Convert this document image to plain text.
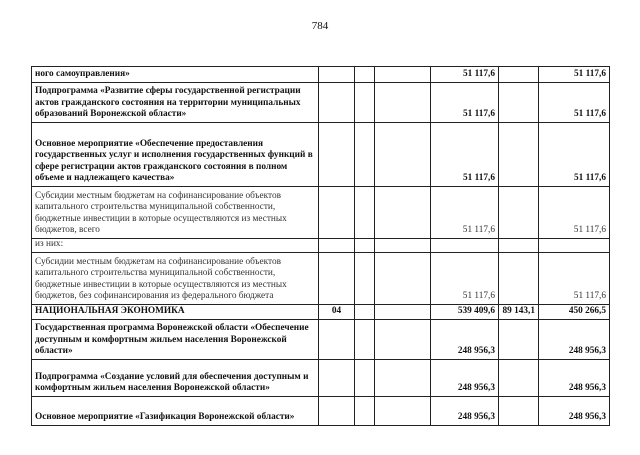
784
ного самоуправления»				51 117,6		51 117,6
Подпрограмма «Развитие сферы государственной регистрации актов гражданского состояния на территории муниципальных образований Воронежской области»				51 117,6		51 117,6
Основное мероприятие «Обеспечение предоставления государственных услуг и исполнения государственных функций в сфере регистрации актов гражданского состояния в полном объеме и надлежащего качества»				51 117,6		51 117,6
Субсидии местным бюджетам на софинансирование объектов капитального строительства муниципальной собственности, бюджетные инвестиции в которые осуществляются из местных бюджетов, всего				51 117,6		51 117,6
из них:						
Субсидии местным бюджетам на софинансирование объектов капитального строительства муниципальной собственности, бюджетные инвестиции в которые осуществляются из местных бюджетов, без софинансирования из федерального бюджета				51 117,6		51 117,6
НАЦИОНАЛЬНАЯ ЭКОНОМИКА	04			539 409,6	89 143,1	450 266,5
Государственная программа Воронежской области «Обеспечение доступным и комфортным жильем населения Воронежской области»				248 956,3		248 956,3
Подпрограмма «Создание условий для обеспечения доступным и комфортным жильем населения Воронежской области»				248 956,3		248 956,3
Основное мероприятие «Газификация Воронежской области»				248 956,3		248 956,3
